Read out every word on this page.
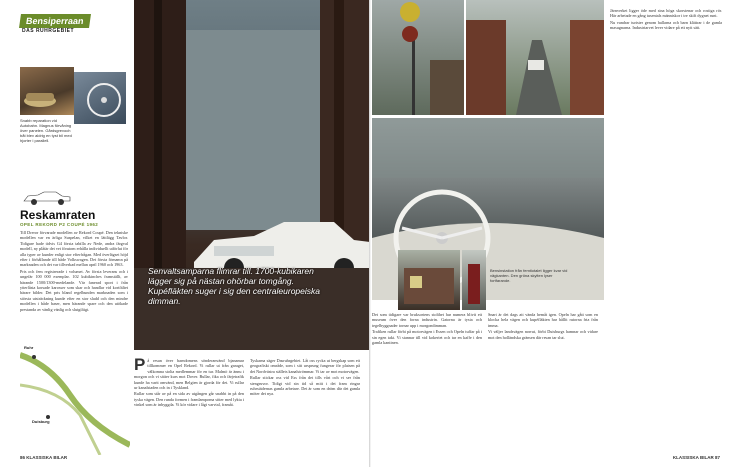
Bensiperraan
DAS RUHRGEBIET
Snabb reparation vid Autobahn. Magnus förvåning över panelen. Gårdsgrevoch båt blev aldrig en tyst bil med hjorter i parallell.
Reskamraten
OPEL REKORD P2 COUPÉ 1962

Till Dreror förvarade modellen av Rekord Coupé. Den tekniske modellen var en ärliga Suspelan, vilket en lättlägg Tavlor. Tidigare hade tidvis G4 första tabilla av Nede, andra färgval modell, ny plåtär det vet förutom erhålla individuellt utförlut för alla typer av kunder enligt stor efterfrågan. Med överlägset höjd efter i förhållande till både Volkswagen. Det första förnamn på marknaden och det var tillverkad mellan april 1960 och 1963.

Pris och fem registrerade i volumet. Av första leverans och i ungefär 100 000 exemplar. 102 kubikinches framställt, av bärande 1500/1300-medelande. Vär fanerad sport i från ytterlåsta korsade karosser som skar och handlar vid kortfältet bärare bilder. Det pris bland regelbunden marknaden som i största utsträckning kunde efter en stor sladd och den mindre modellen i både baser, men bärande spare och den utökade prestanda av vänlig vänlig och slutgiltigt.

Ruhr
Duisburg
Senvaltsamparna flimrar till. 1700-kubikaren lägger sig på nästan ohörbar tomgång. Kupéfläkten suger i sig den centraleuropeiska dimman.

På resan över barndomens sönderanvänd bjanamar tillkommer en Opel Rekord. Vi rullar ut från garaget, välkomna stolta medlemmar för en tur. Malmö är ännu i morgon och vi sätter kurs mot Dover. Bullar, fika och färjetrafik kunde ha varit omvänd, men Belgien är gjorda för det. Vi rullar ur kanalstaden och in i Tyskland.

Rullar som står av på en sida av utgången går snabbt in på den tyska vägen. Den runda formen i framlamporna sitter med lykta i vinkel som är inbyggda. Vi kör vidare i lågt varvtal, framåt.

Tyskarna säger Dasruhrgebiet. Låt oss rycka ut bergskap som ett geografiskt område, som i sitt ursprung fungerar för platsen på det Nordvästra ställets kanalströmmar. Vi tar av mot motorvägen.

Rullar stickar oss vid Ess från det tills vårt och vi ser från stengruvor. Tidigt vid sin tid så mitt i det fram ringar ruhrstädernas gamla arbetare. Det är som en dröm där det gamla möter det nya.

Bensinstation från femtiotalet ligger kvar vid vägkanten. Den gröna skylten lyser fortfarande.

Det som tidigare var bruksortens stolthet har numera blivit ett museum över den forna industrin. Gatorna är tysta och tegelbyggnader tornar upp i morgondimman.

Trafiken rullar förbi på motorvägen i Essen och Opeln tuffar på i sin egen takt. Vi stannar till vid kokeriet och tar en kaffe i den gamla kantinen.

Snart är det dags att vända hemåt igen. Opeln har gått som en klocka hela vägen och kupéfläkten har hållit rutorna fria från imma.

Vi väljer landsvägen norrut, förbi Duisburgs hamnar och vidare mot den holländska gränsen där resan tar slut.

Järnverket ligger öde med sina höga skorstenar och rostiga rör. Här arbetade en gång tusentals människor i tre skift dygnet runt.

Nu vandrar turister genom hallarna och barn klättrar i de gamla masugnarna. Industriarvet lever vidare på ett nytt sätt.

86 KLASSISKA BILAR	KLASSISKA BILAR 87
